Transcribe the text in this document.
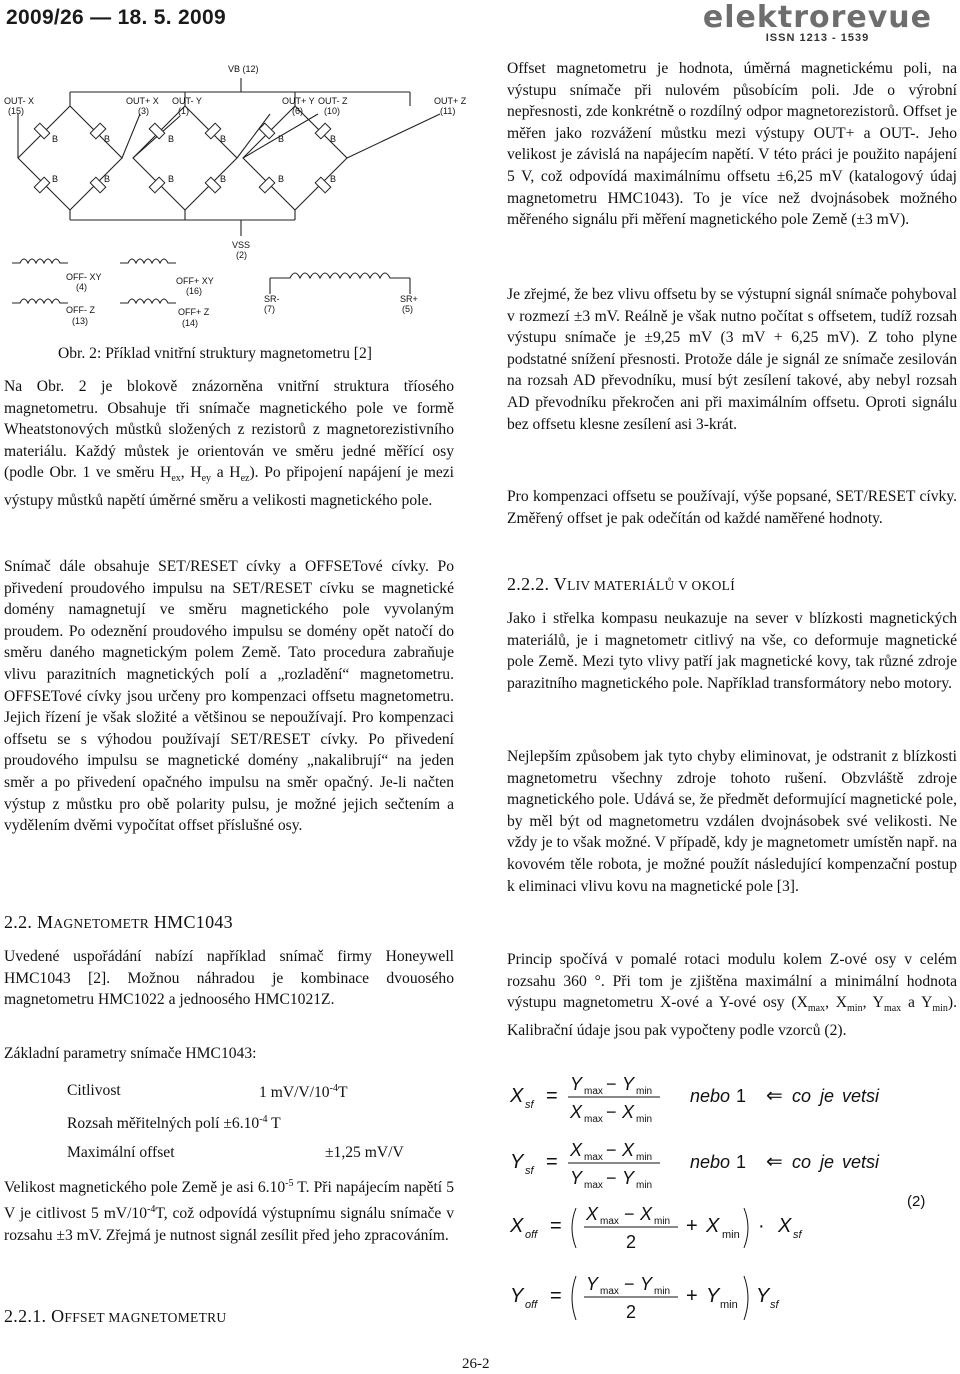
2009/26 — 18. 5. 2009	elektrorevue
ISSN 1213 - 1539
VB (12)
OUT- X
(15)
OUT+ X
(3)
OUT- Y
(1)
OUT+ Y
(6)
OUT- Z
(10)
OUT+ Z
(11)
B	B
B	B
B	B
B	B
B	B
B	B
VSS
(2)
OFF- XY
(4)
OFF+ XY
(16)
OFF- Z
(13)
OFF+ Z
(14)
SR-
(7)
SR+
(5)
Obr. 2: Příklad vnitřní struktury magnetometru [2]

Na Obr. 2 je blokově znázorněna vnitřní struktura tříosého magnetometru. Obsahuje tři snímače magnetického pole ve formě Wheatstonových můstků složených z rezistorů z magnetorezistivního materiálu. Každý můstek je orientován ve směru jedné měřící osy (podle Obr. 1 ve směru $H_{ex}$, $H_{ey}$ a $H_{ez}$). Po připojení napájení je mezi výstupy můstků napětí úměrné směru a velikosti magnetického pole.

Snímač dále obsahuje SET/RESET cívky a OFFSETové cívky. Po přivedení proudového impulsu na SET/RESET cívku se magnetické domény namagnetují ve směru magnetického pole vyvolaným proudem. Po odeznění proudového impulsu se domény opět natočí do směru daného magnetickým polem Země. Tato procedura zabraňuje vlivu parazitních magnetických polí a „rozladění“ magnetometru. OFFSETové cívky jsou určeny pro kompenzaci offsetu magnetometru. Jejich řízení je však složité a většinou se nepoužívají. Pro kompenzaci offsetu se s výhodou používají SET/RESET cívky. Po přivedení proudového impulsu se magnetické domény „nakalibrují“ na jeden směr a po přivedení opačného impulsu na směr opačný. Je-li načten výstup z můstku pro obě polarity pulsu, je možné jejich sečtením a vydělením dvěmi vypočítat offset příslušné osy.

2.2. MAGNETOMETR HMC1043

Uvedené uspořádání nabízí například snímač firmy Honeywell HMC1043 [2]. Možnou náhradou je kombinace dvouosého magnetometru HMC1022 a jednoosého HMC1021Z.

Základní parametry snímače HMC1043:

Citlivost	1 $mV/V/10^{-4}T$
Rozsah měřitelných polí $\pm 6.10^{-4}$ T	
Maximální offset	±1,25 mV/V

Velikost magnetického pole Země je asi $6.10^{-5}$ T. Při napájecím napětí 5 V je citlivost 5 $mV/10^{-4}T$, což odpovídá výstupnímu signálu snímače v rozsahu ±3 mV. Zřejmá je nutnost signál zesílit před jeho zpracováním.

2.2.1. OFFSET MAGNETOMETRU

Offset magnetometru je hodnota, úměrná magnetickému poli, na výstupu snímače při nulovém působícím poli. Jde o výrobní nepřesnosti, zde konkrétně o rozdílný odpor magnetorezistorů. Offset je měřen jako rozvážení můstku mezi výstupy OUT+ a OUT-. Jeho velikost je závislá na napájecím napětí. V této práci je použito napájení 5 V, což odpovídá maximálnímu offsetu ±6,25 mV (katalogový údaj magnetometru HMC1043). To je více než dvojnásobek možného měřeného signálu při měření magnetického pole Země (±3 mV).

Je zřejmé, že bez vlivu offsetu by se výstupní signál snímače pohyboval v rozmezí ±3 mV. Reálně je však nutno počítat s offsetem, tudíž rozsah výstupu snímače je ±9,25 mV (3 mV + 6,25 mV). Z toho plyne podstatné snížení přesnosti. Protože dále je signál ze snímače zesilován na rozsah AD převodníku, musí být zesílení takové, aby nebyl rozsah AD převodníku překročen ani při maximálním offsetu. Oproti signálu bez offsetu klesne zesílení asi 3-krát.

Pro kompenzaci offsetu se používají, výše popsané, SET/RESET cívky. Změřený offset je pak odečítán od každé naměřené hodnoty.

2.2.2. VLIV MATERIÁLŮ V OKOLÍ

Jako i střelka kompasu neukazuje na sever v blízkosti magnetických materiálů, je i magnetometr citlivý na vše, co deformuje magnetické pole Země. Mezi tyto vlivy patří jak magnetické kovy, tak různé zdroje parazitního magnetického pole. Například transformátory nebo motory.

Nejlepším způsobem jak tyto chyby eliminovat, je odstranit z blízkosti magnetometru všechny zdroje tohoto rušení. Obzvláště zdroje magnetického pole. Udává se, že předmět deformující magnetické pole, by měl být od magnetometru vzdálen dvojnásobek své velikosti. Ne vždy je to však možné. V případě, kdy je magnetometr umístěn např. na kovovém těle robota, je možné použít následující kompenzační postup k eliminaci vlivu kovu na magnetické pole [3].

Princip spočívá v pomalé rotaci modulu kolem Z-ové osy v celém rozsahu 360 °. Při tom je zjištěna maximální a minimální hodnota výstupu magnetometru X-ové a Y-ové osy ($X_{max}$, $X_{min}$, $Y_{max}$ a $Y_{min}$). Kalibrační údaje jsou pak vypočteny podle vzorců (2).

X sf =
Y max − Y min
X max − X min
nebo 1 ⇐ co je vetsi
Y sf =
X max − X min
Y max − Y min
nebo 1 ⇐ co je vetsi
(2)
X off =
X max − X min
2
+ X min · X sf
Y off =
Y max − Y min
2
+ Y min Y sf
26-2
